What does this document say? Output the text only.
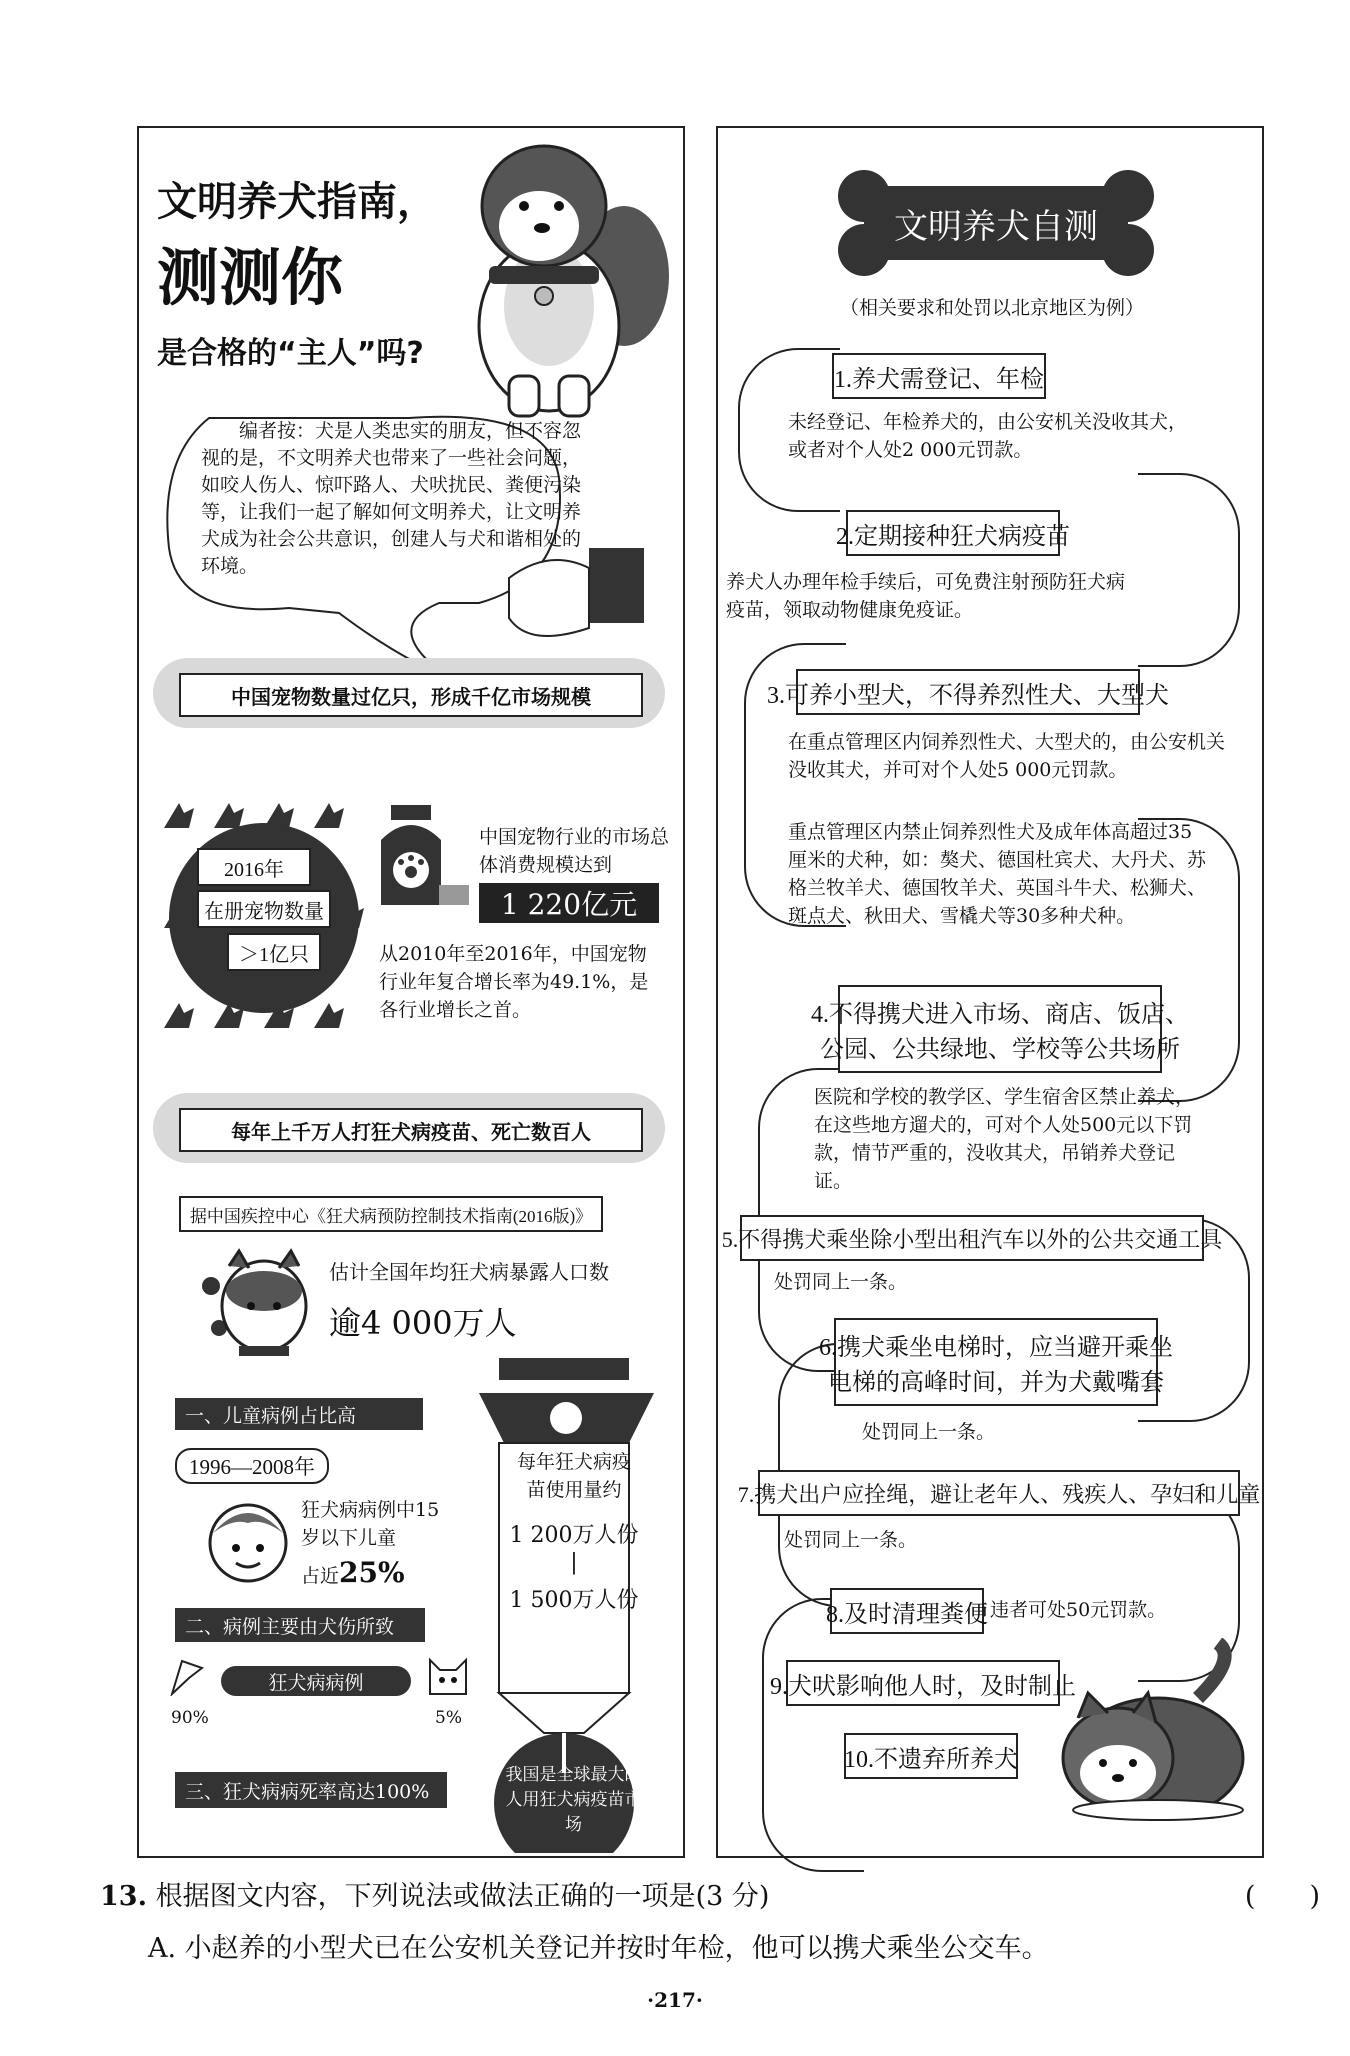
文明养犬指南，
测测你
是合格的“主人”吗?
编者按：犬是人类忠实的朋友，但不容忽视的是，不文明养犬也带来了一些社会问题，如咬人伤人、惊吓路人、犬吠扰民、粪便污染等，让我们一起了解如何文明养犬，让文明养犬成为社会公共意识，创建人与犬和谐相处的环境。
中国宠物数量过亿只，形成千亿市场规模
2016年
在册宠物数量
＞1亿只
中国宠物行业的市场总体消费规模达到
1 220亿元
从2010年至2016年，中国宠物行业年复合增长率为49.1%，是各行业增长之首。
每年上千万人打狂犬病疫苗、死亡数百人
据中国疾控中心《狂犬病预防控制技术指南(2016版)》
估计全国年均狂犬病暴露人口数
逾4 000万人
一、儿童病例占比高
1996—2008年
狂犬病病例中15岁以下儿童
占近25%
二、病例主要由犬伤所致
狂犬病病例
90%	5%
三、狂犬病病死率高达100%
每年狂犬病疫苗使用量约
1 200万人份
|
1 500万人份
我国是全球最大的人用狂犬病疫苗市场
文明养犬自测
（相关要求和处罚以北京地区为例）
1.养犬需登记、年检
未经登记、年检养犬的，由公安机关没收其犬，或者对个人处2 000元罚款。
2.定期接种狂犬病疫苗
养犬人办理年检手续后，可免费注射预防狂犬病疫苗，领取动物健康免疫证。
3.可养小型犬，不得养烈性犬、大型犬
在重点管理区内饲养烈性犬、大型犬的，由公安机关没收其犬，并可对个人处5 000元罚款。
重点管理区内禁止饲养烈性犬及成年体高超过35厘米的犬种，如：獒犬、德国杜宾犬、大丹犬、苏格兰牧羊犬、德国牧羊犬、英国斗牛犬、松狮犬、斑点犬、秋田犬、雪橇犬等30多种犬种。
4.不得携犬进入市场、商店、饭店、
公园、公共绿地、学校等公共场所
医院和学校的教学区、学生宿舍区禁止养犬，在这些地方遛犬的，可对个人处500元以下罚款，情节严重的，没收其犬，吊销养犬登记证。
5.不得携犬乘坐除小型出租汽车以外的公共交通工具
处罚同上一条。
6.携犬乘坐电梯时，应当避开乘坐
电梯的高峰时间，并为犬戴嘴套
处罚同上一条。
7.携犬出户应拴绳，避让老年人、残疾人、孕妇和儿童
处罚同上一条。
8.及时清理粪便 违者可处50元罚款。
9.犬吠影响他人时，及时制止
10.不遗弃所养犬
13. 根据图文内容，下列说法或做法正确的一项是(3 分)	(　　)
A. 小赵养的小型犬已在公安机关登记并按时年检，他可以携犬乘坐公交车。
·217·
